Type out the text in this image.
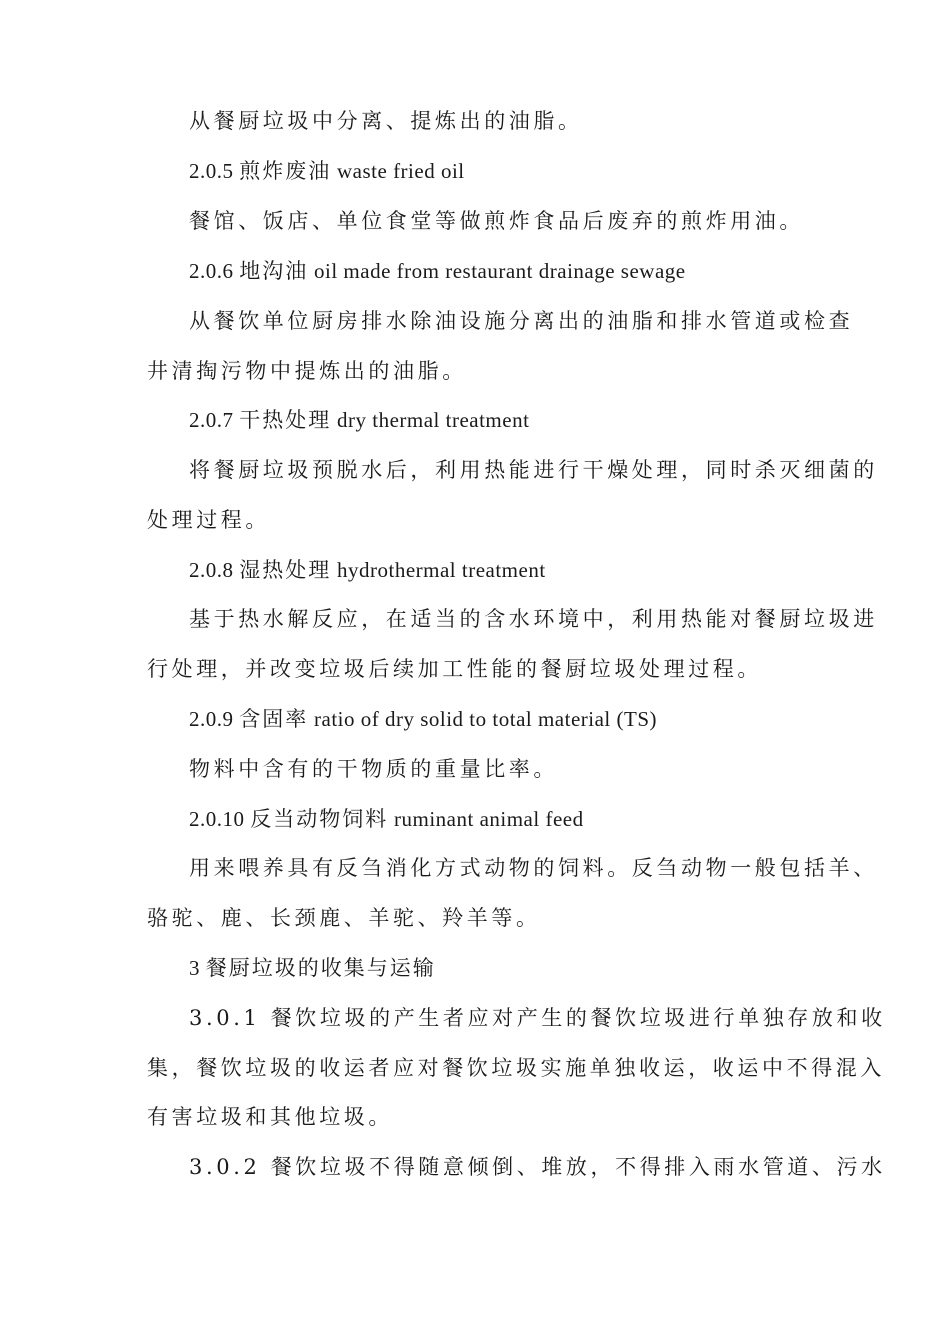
从餐厨垃圾中分离、提炼出的油脂。
2.0.5 煎炸废油 waste fried oil
餐馆、饭店、单位食堂等做煎炸食品后废弃的煎炸用油。
2.0.6 地沟油 oil made from restaurant drainage sewage
从餐饮单位厨房排水除油设施分离出的油脂和排水管道或检查
井清掏污物中提炼出的油脂。
2.0.7 干热处理 dry thermal treatment
将餐厨垃圾预脱水后，利用热能进行干燥处理，同时杀灭细菌的
处理过程。
2.0.8 湿热处理 hydrothermal treatment
基于热水解反应，在适当的含水环境中，利用热能对餐厨垃圾进
行处理，并改变垃圾后续加工性能的餐厨垃圾处理过程。
2.0.9 含固率 ratio of dry solid to total material (TS)
物料中含有的干物质的重量比率。
2.0.10 反当动物饲料 ruminant animal feed
用来喂养具有反刍消化方式动物的饲料。反刍动物一般包括羊、
骆驼、鹿、长颈鹿、羊驼、羚羊等。
3 餐厨垃圾的收集与运输
3.0.1 餐饮垃圾的产生者应对产生的餐饮垃圾进行单独存放和收
集，餐饮垃圾的收运者应对餐饮垃圾实施单独收运，收运中不得混入
有害垃圾和其他垃圾。
3.0.2 餐饮垃圾不得随意倾倒、堆放，不得排入雨水管道、污水
